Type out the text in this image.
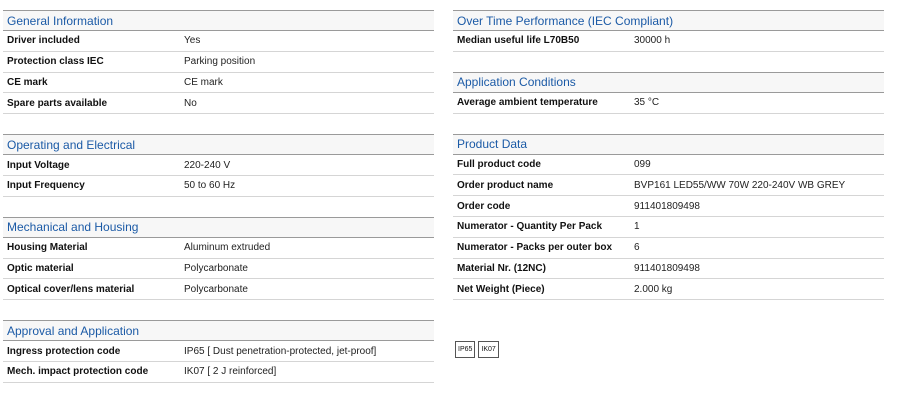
General Information
Driver included	Yes
Protection class IEC	Parking position
CE mark	CE mark
Spare parts available	No
Operating and Electrical
Input Voltage	220-240 V
Input Frequency	50 to 60 Hz
Mechanical and Housing
Housing Material	Aluminum extruded
Optic material	Polycarbonate
Optical cover/lens material	Polycarbonate
Approval and Application
Ingress protection code	IP65 [ Dust penetration-protected, jet-proof]
Mech. impact protection code	IK07 [ 2 J reinforced]
Over Time Performance (IEC Compliant)
Median useful life L70B50	30000 h
Application Conditions
Average ambient temperature	35 °C
Product Data
Full product code	099
Order product name	BVP161 LED55/WW 70W 220-240V WB GREY
Order code	911401809498
Numerator - Quantity Per Pack	1
Numerator - Packs per outer box	6
Material Nr. (12NC)	911401809498
Net Weight (Piece)	2.000 kg
IP65	IK07
